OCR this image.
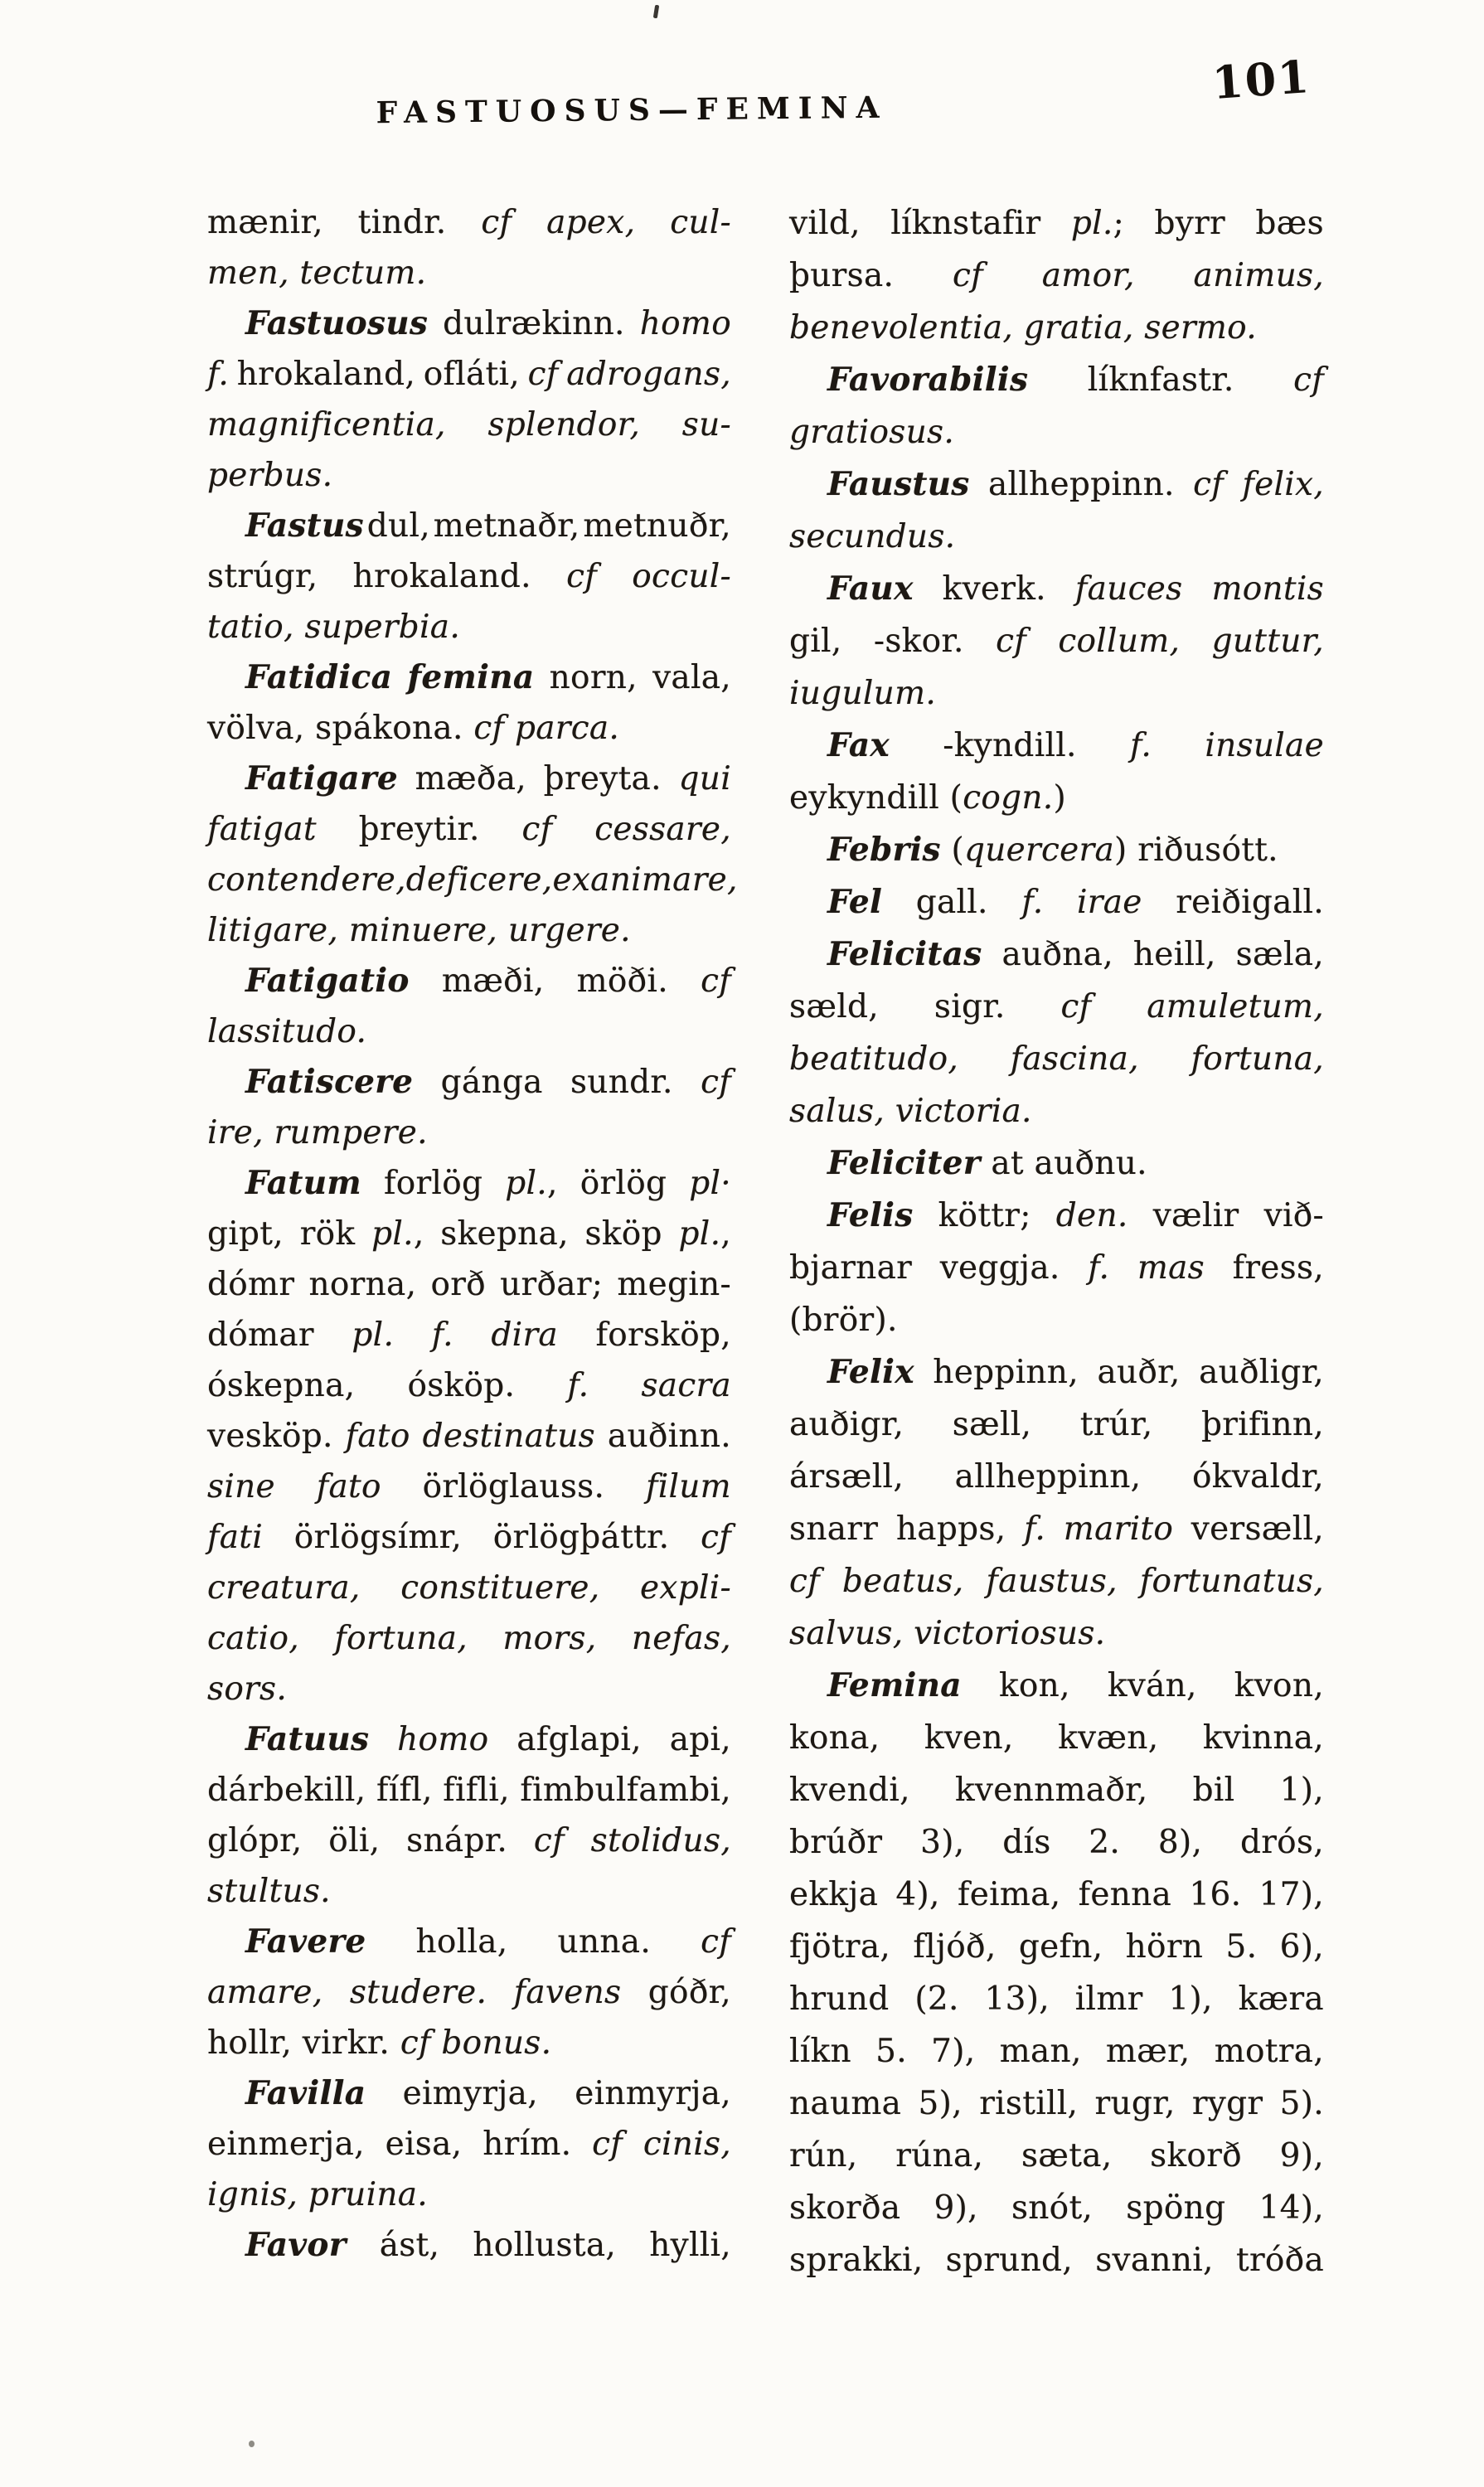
FASTUOSUS—FEMINA
101
mænir, tindr. cf apex, cul-
men, tectum.
Fastuosus dulrækinn. homo
f. hrokaland, ofláti, cf adrogans,
magnificentia, splendor, su-
perbus.
Fastus dul, metnaðr, metnuðr,
strúgr, hrokaland. cf occul-
tatio, superbia.
Fatidica femina norn, vala,
völva, spákona. cf parca.
Fatigare mæða, þreyta. qui
fatigat þreytir. cf cessare,
contendere, deficere, exanimare,
litigare, minuere, urgere.
Fatigatio mæði, möði. cf
lassitudo.
Fatiscere gánga sundr. cf
ire, rumpere.
Fatum forlög pl., örlög pl·
gipt, rök pl., skepna, sköp pl.,
dómr norna, orð urðar; megin-
dómar pl. f. dira forsköp,
óskepna, ósköp. f. sacra
vesköp. fato destinatus auðinn.
sine fato örlöglauss. filum
fati örlögsímr, örlögþáttr. cf
creatura, constituere, expli-
catio, fortuna, mors, nefas,
sors.
Fatuus homo afglapi, api,
dárbekill, fífl, fifli, fimbulfambi,
glópr, öli, snápr. cf stolidus,
stultus.
Favere holla, unna. cf
amare, studere. favens góðr,
hollr, virkr. cf bonus.
Favilla eimyrja, einmyrja,
einmerja, eisa, hrím. cf cinis,
ignis, pruina.
Favor ást, hollusta, hylli,
vild, líknstafir pl.; byrr bæs
þursa. cf amor, animus,
benevolentia, gratia, sermo.
Favorabilis líknfastr. cf
gratiosus.
Faustus allheppinn. cf felix,
secundus.
Faux kverk. fauces montis
gil, -skor. cf collum, guttur,
iugulum.
Fax -kyndill. f. insulae
eykyndill (cogn.)
Febris (quercera) riðusótt.
Fel gall. f. irae reiðigall.
Felicitas auðna, heill, sæla,
sæld, sigr. cf amuletum,
beatitudo, fascina, fortuna,
salus, victoria.
Feliciter at auðnu.
Felis köttr; den. vælir við-
bjarnar veggja. f. mas fress,
(brör).
Felix heppinn, auðr, auðligr,
auðigr, sæll, trúr, þrifinn,
ársæll, allheppinn, ókvaldr,
snarr happs, f. marito versæll,
cf beatus, faustus, fortunatus,
salvus, victoriosus.
Femina kon, kván, kvon,
kona, kven, kvæn, kvinna,
kvendi, kvennmaðr, bil 1),
brúðr 3), dís 2. 8), drós,
ekkja 4), feima, fenna 16. 17),
fjötra, fljóð, gefn, hörn 5. 6),
hrund (2. 13), ilmr 1), kæra
líkn 5. 7), man, mær, motra,
nauma 5), ristill, rugr, rygr 5).
rún, rúna, sæta, skorð 9),
skorða 9), snót, spöng 14),
sprakki, sprund, svanni, tróða
